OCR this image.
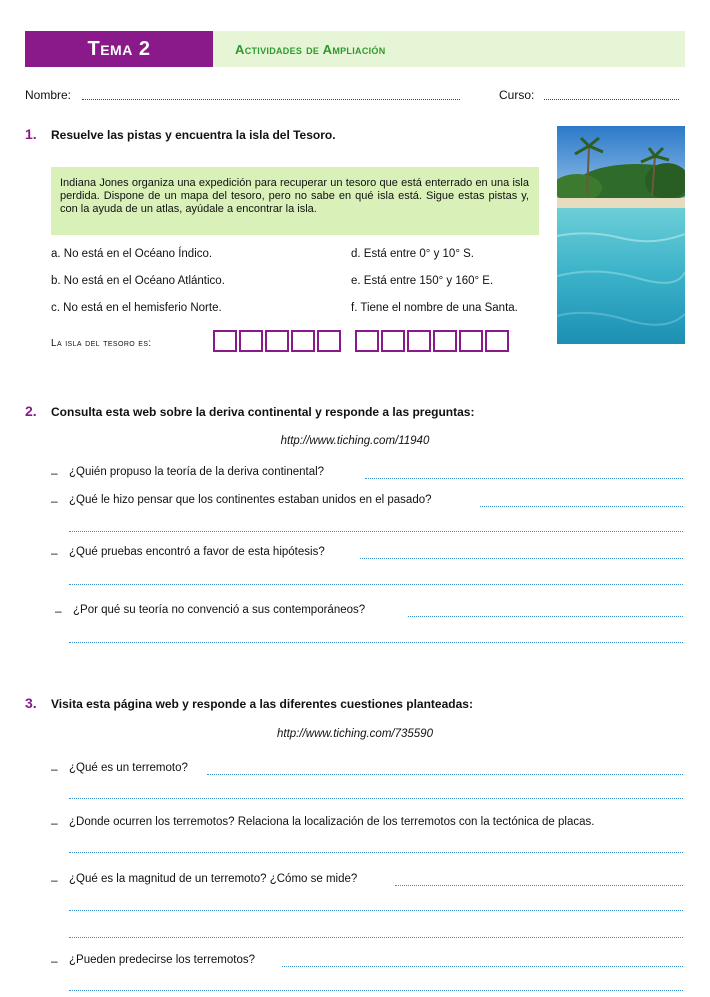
Tema 2	Actividades de Ampliación
Nombre:	Curso:
1. Resuelve las pistas y encuentra la isla del Tesoro.
Indiana Jones organiza una expedición para recuperar un tesoro que está enterrado en una isla perdida. Dispone de un mapa del tesoro, pero no sabe en qué isla está. Sigue estas pistas y, con la ayuda de un atlas, ayúdale a encontrar la isla.
a. No está en el Océano Índico.
b. No está en el Océano Atlántico.
c. No está en el hemisferio Norte.
d. Está entre 0° y 10° S.
e. Está entre 150° y 160° E.
f. Tiene el nombre de una Santa.
La isla del tesoro es:
2. Consulta esta web sobre la deriva continental y responde a las preguntas:
http://www.tiching.com/11940
– ¿Quién propuso la teoría de la deriva continental?
– ¿Qué le hizo pensar que los continentes estaban unidos en el pasado?
– ¿Qué pruebas encontró a favor de esta hipótesis?
– ¿Por qué su teoría no convenció a sus contemporáneos?
3. Visita esta página web y responde a las diferentes cuestiones planteadas:
http://www.tiching.com/735590
– ¿Qué es un terremoto?
– ¿Donde ocurren los terremotos? Relaciona la localización de los terremotos con la tectónica de placas.
– ¿Qué es la magnitud de un terremoto? ¿Cómo se mide?
– ¿Pueden predecirse los terremotos?
